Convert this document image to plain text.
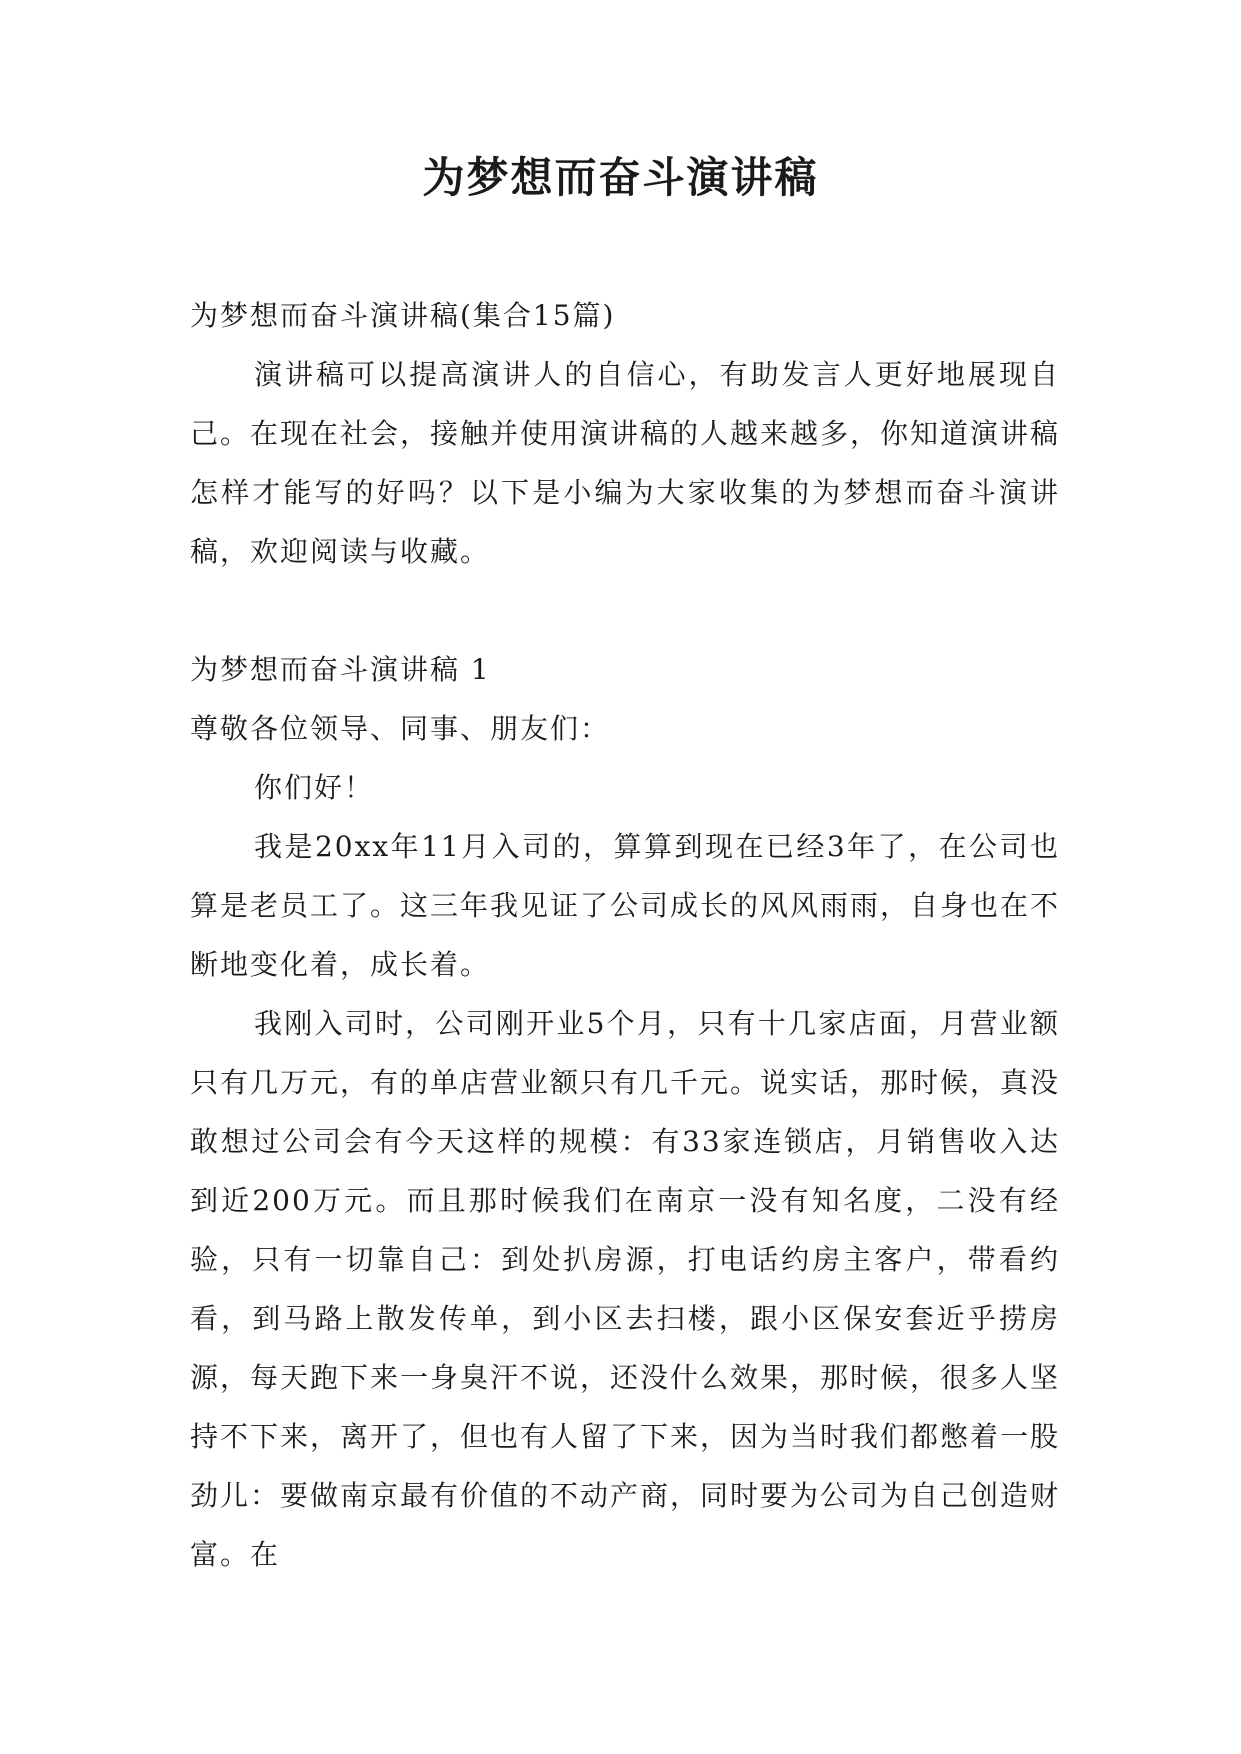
为梦想而奋斗演讲稿

为梦想而奋斗演讲稿(集合15篇)

演讲稿可以提高演讲人的自信心，有助发言人更好地展现自己。在现在社会，接触并使用演讲稿的人越来越多，你知道演讲稿怎样才能写的好吗？以下是小编为大家收集的为梦想而奋斗演讲稿，欢迎阅读与收藏。

为梦想而奋斗演讲稿 1

尊敬各位领导、同事、朋友们：

你们好！

我是20xx年11月入司的，算算到现在已经3年了，在公司也算是老员工了。这三年我见证了公司成长的风风雨雨，自身也在不断地变化着，成长着。

我刚入司时，公司刚开业5个月，只有十几家店面，月营业额只有几万元，有的单店营业额只有几千元。说实话，那时候，真没敢想过公司会有今天这样的规模：有33家连锁店，月销售收入达到近200万元。而且那时候我们在南京一没有知名度，二没有经验，只有一切靠自己：到处扒房源，打电话约房主客户，带看约看，到马路上散发传单，到小区去扫楼，跟小区保安套近乎捞房源，每天跑下来一身臭汗不说，还没什么效果，那时候，很多人坚持不下来，离开了，但也有人留了下来，因为当时我们都憋着一股劲儿：要做南京最有价值的不动产商，同时要为公司为自己创造财富。在
